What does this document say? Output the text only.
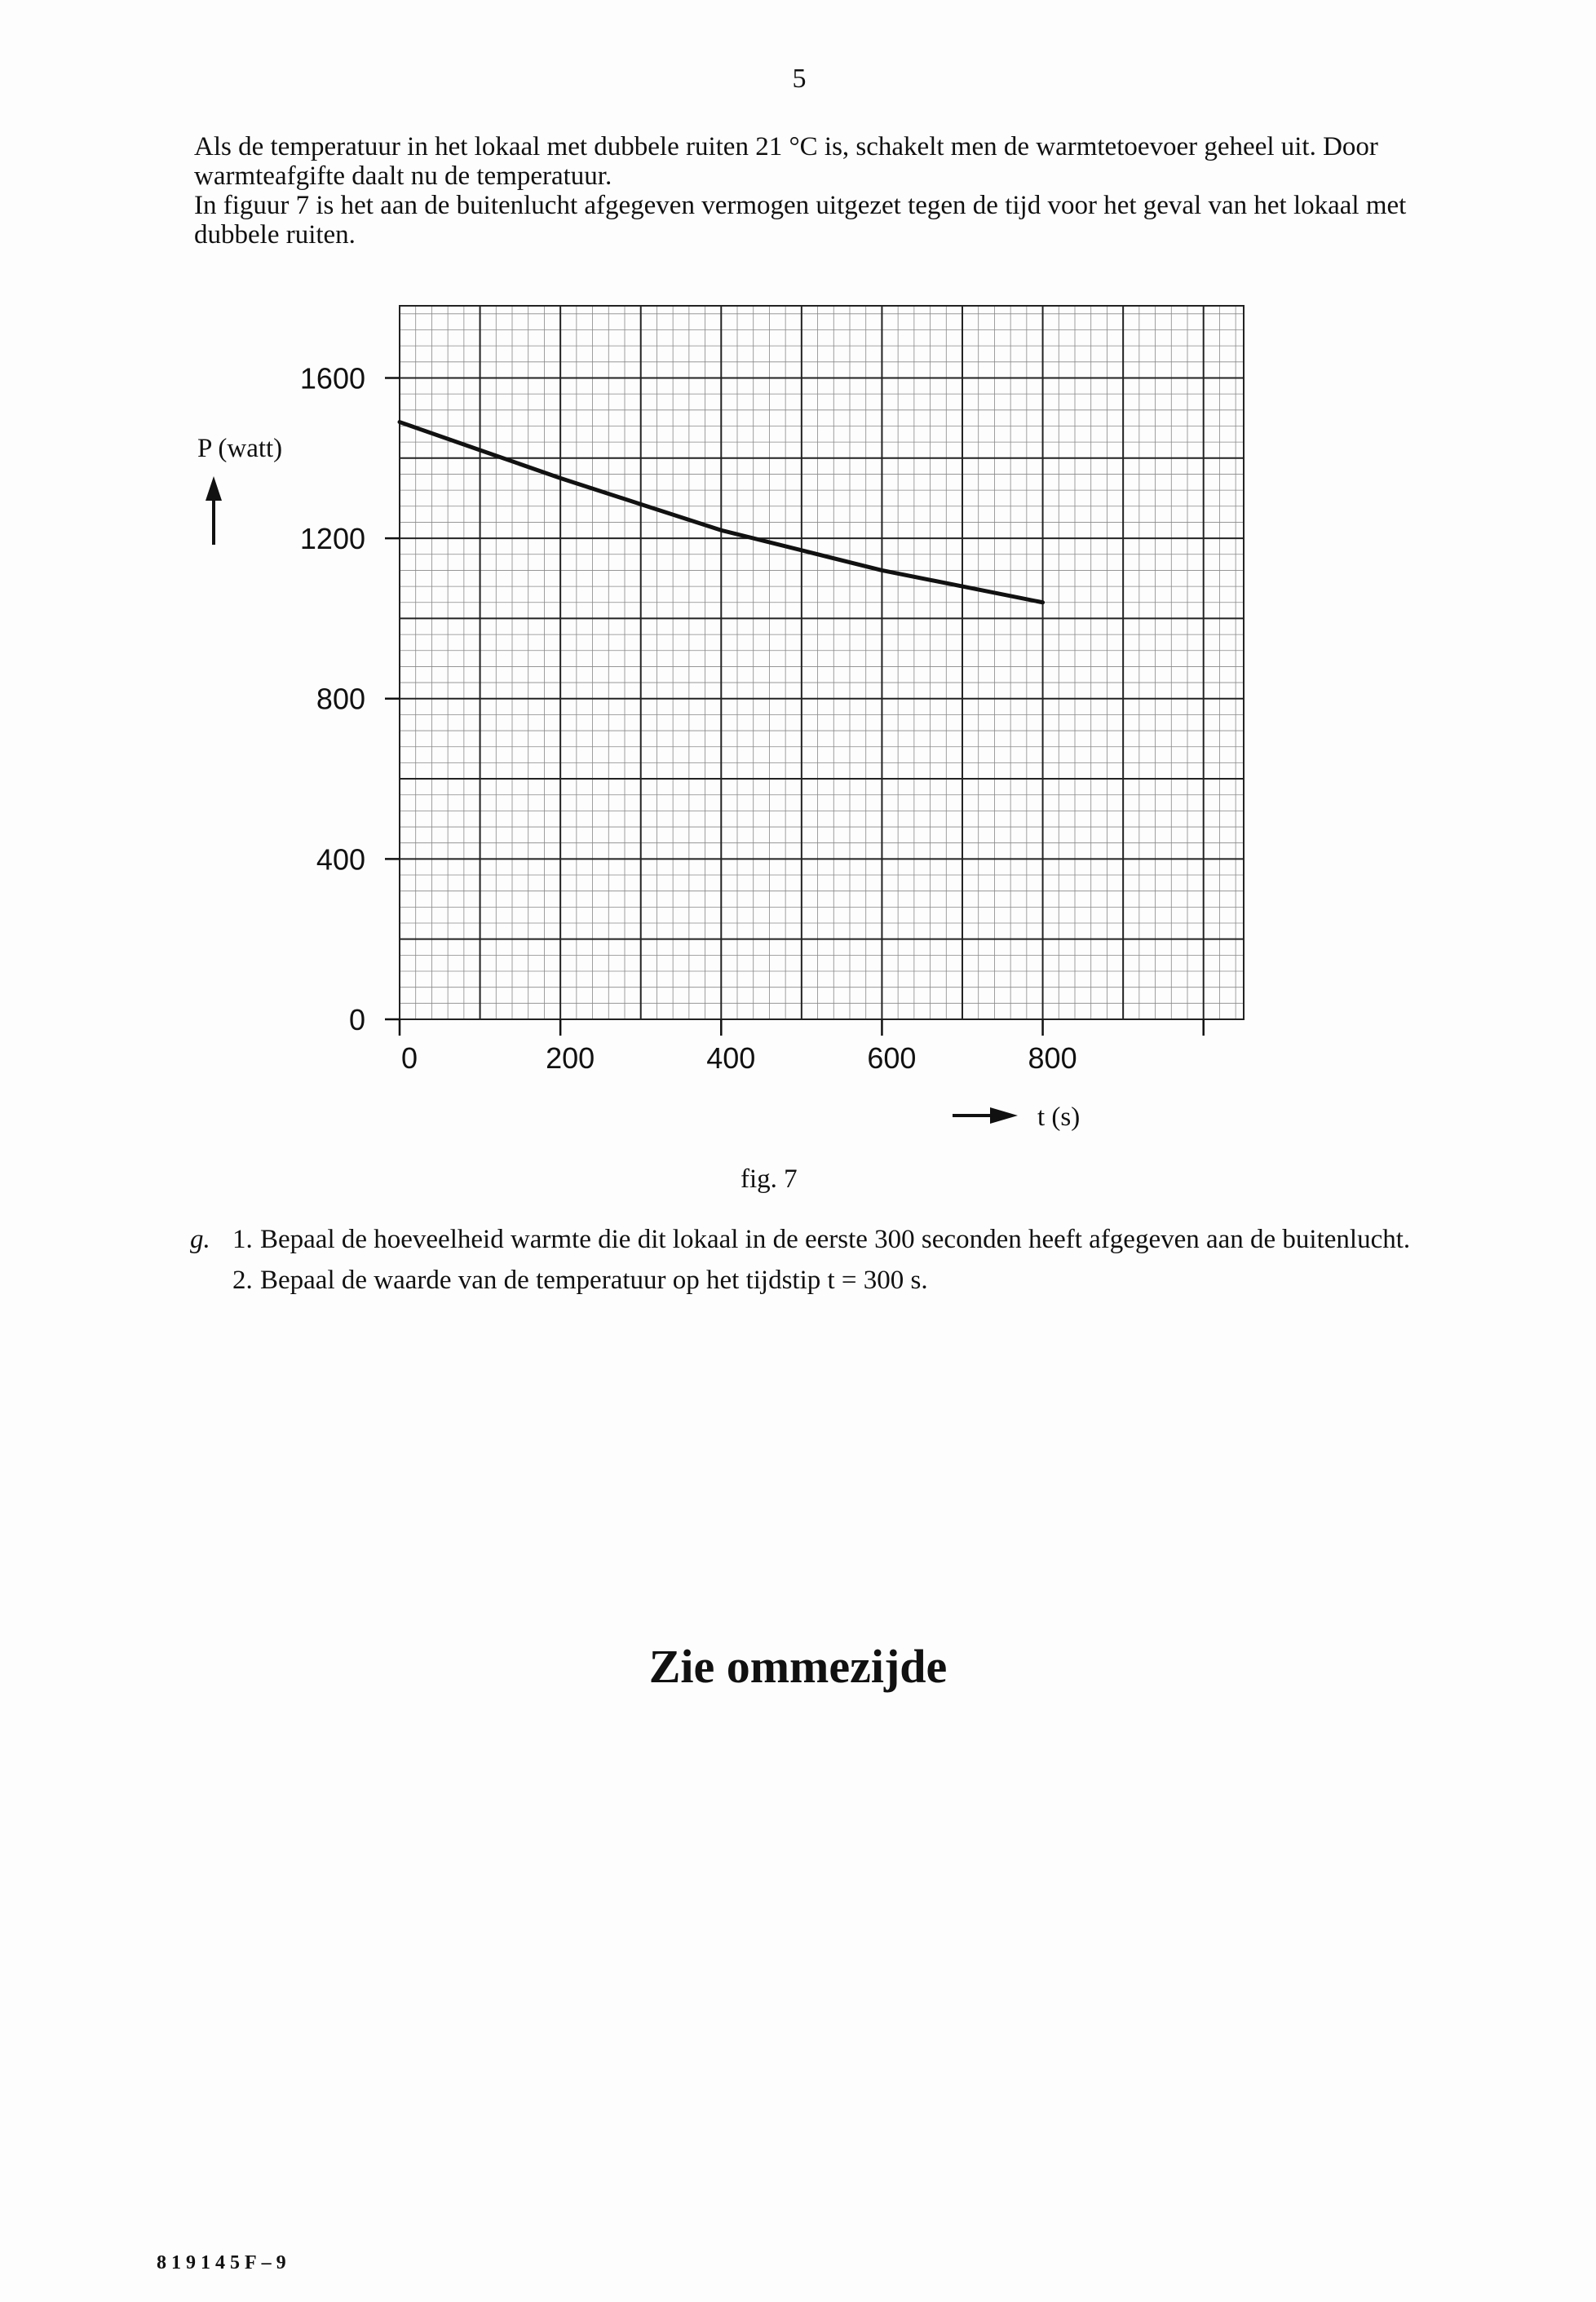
5

Als de temperatuur in het lokaal met dubbele ruiten 21 °C is, schakelt men de warmtetoevoer geheel uit. Door warmteafgifte daalt nu de temperatuur.

In figuur 7 is het aan de buitenlucht afgegeven vermogen uitgezet tegen de tijd voor het geval van het lokaal met dubbele ruiten.

0	200	400	600	800
0
400
800
1200
1600
P (watt)
t (s)
fig. 7
g. 1. Bepaal de hoeveelheid warmte die dit lokaal in de eerste 300 seconden heeft afgegeven aan de buitenlucht.
2. Bepaal de waarde van de temperatuur op het tijdstip t = 300 s.
Zie ommezijde
819145F–9
